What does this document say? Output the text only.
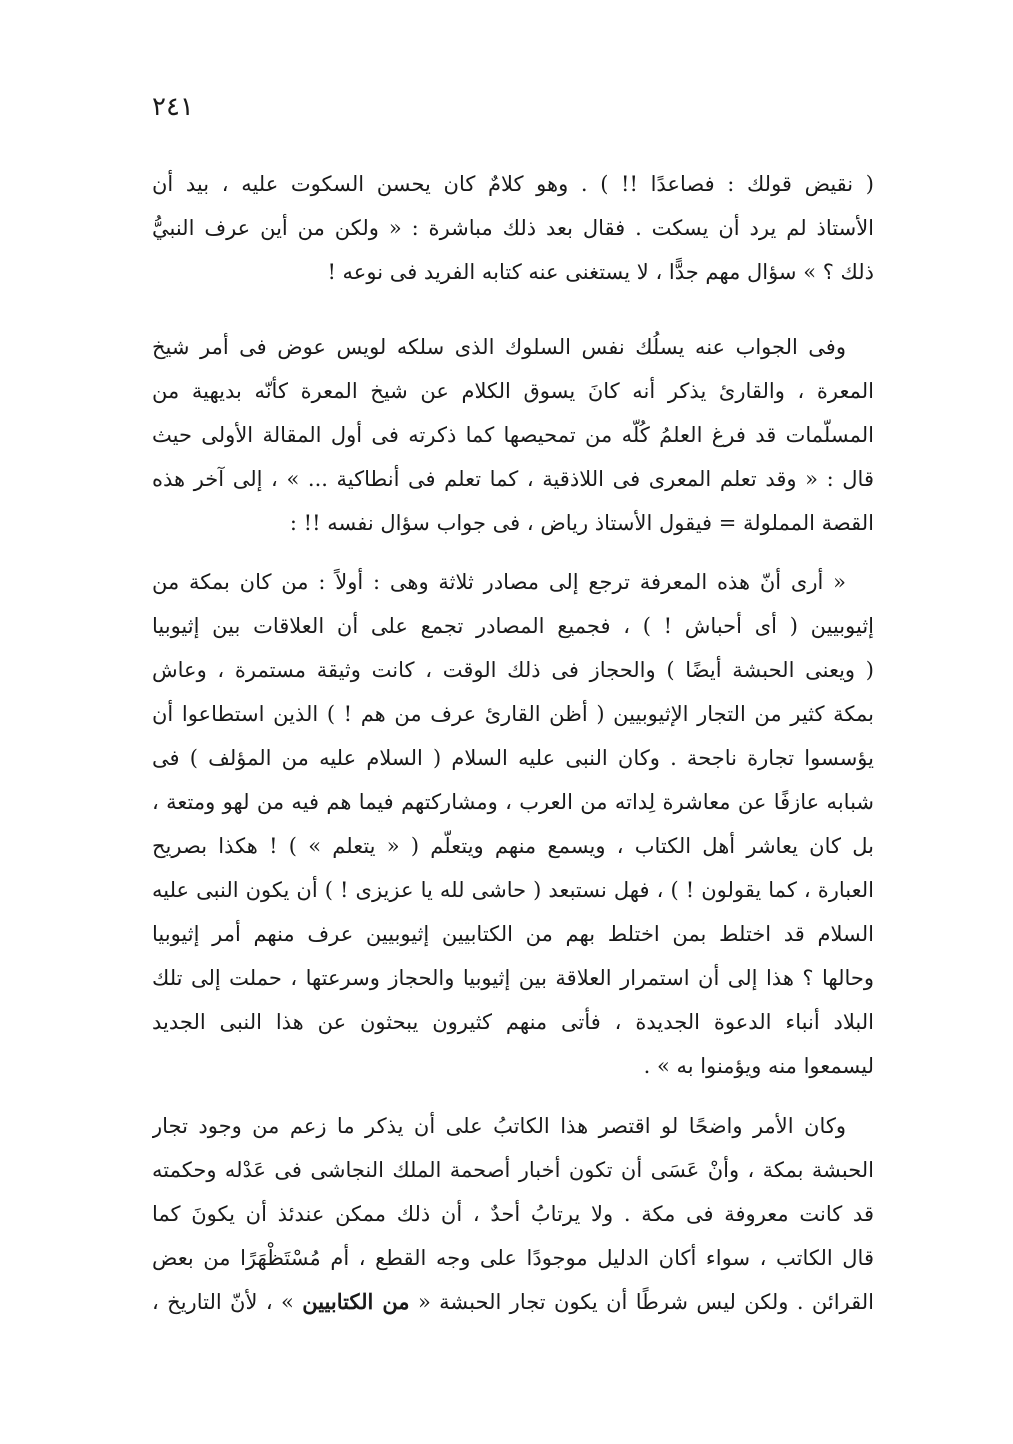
٢٤١
( نقيض قولك : فصاعدًا !! ) . وهو كلامٌ كان يحسن السكوت عليه ، بيد أن
الأستاذ لم يرد أن يسكت . فقال بعد ذلك مباشرة : « ولكن من أين عرف النبيُّ
ذلك ؟ » سؤال مهم جدًّا ، لا يستغنى عنه كتابه الفريد فى نوعه !
وفى الجواب عنه يسلُك نفس السلوك الذى سلكه لويس عوض فى أمر شيخ
المعرة ، والقارئ يذكر أنه كانَ يسوق الكلام عن شيخ المعرة كأنّه بديهية من
المسلّمات قد فرغ العلمُ كُلّه من تمحيصها كما ذكرته فى أول المقالة الأولى حيث
قال : « وقد تعلم المعرى فى اللاذقية ، كما تعلم فى أنطاكية ... » ، إلى آخر هذه
القصة المملولة = فيقول الأستاذ رياض ، فى جواب سؤال نفسه !! :
« أرى أنّ هذه المعرفة ترجع إلى مصادر ثلاثة وهى : أولاً : من كان بمكة من
إثيوبيين ( أى أحباش ! ) ، فجميع المصادر تجمع على أن العلاقات بين إثيوبيا
( ويعنى الحبشة أيضًا ) والحجاز فى ذلك الوقت ، كانت وثيقة مستمرة ، وعاش
بمكة كثير من التجار الإثيوبيين ( أظن القارئ عرف من هم ! ) الذين استطاعوا أن
يؤسسوا تجارة ناجحة . وكان النبى عليه السلام ( السلام عليه من المؤلف ) فى
شبابه عازفًا عن معاشرة لِداته من العرب ، ومشاركتهم فيما هم فيه من لهو ومتعة ،
بل كان يعاشر أهل الكتاب ، ويسمع منهم ويتعلّم ( « يتعلم » ) ! هكذا بصريح
العبارة ، كما يقولون ! ) ، فهل نستبعد ( حاشى لله يا عزيزى ! ) أن يكون النبى عليه
السلام قد اختلط بمن اختلط بهم من الكتابيين إثيوبيين عرف منهم أمر إثيوبيا
وحالها ؟ هذا إلى أن استمرار العلاقة بين إثيوبيا والحجاز وسرعتها ، حملت إلى تلك
البلاد أنباء الدعوة الجديدة ، فأتى منهم كثيرون يبحثون عن هذا النبى الجديد
ليسمعوا منه ويؤمنوا به » .
وكان الأمر واضحًا لو اقتصر هذا الكاتبُ على أن يذكر ما زعم من وجود تجار
الحبشة بمكة ، وأنْ عَسَى أن تكون أخبار أصحمة الملك النجاشى فى عَدْله وحكمته
قد كانت معروفة فى مكة . ولا يرتابُ أحدٌ ، أن ذلك ممكن عندئذ أن يكونَ كما
قال الكاتب ، سواء أكان الدليل موجودًا على وجه القطع ، أم مُسْتَظْهَرًا من بعض
القرائن . ولكن ليس شرطًا أن يكون تجار الحبشة « من الكتابيين » ، لأنّ التاريخ ،
